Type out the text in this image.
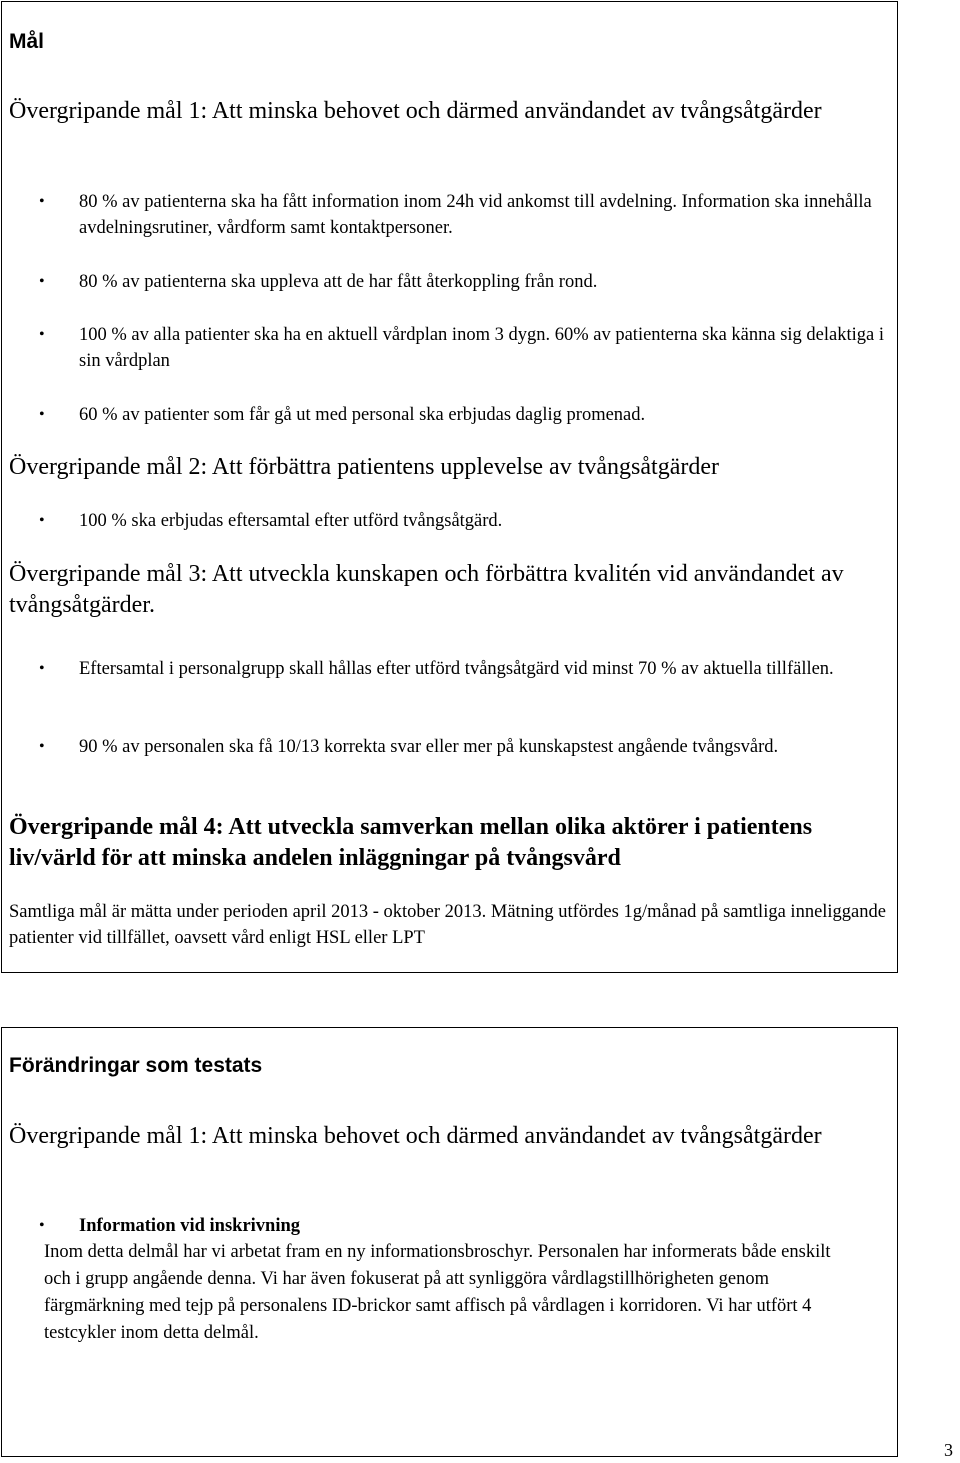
Mål
Övergripande mål 1: Att minska behovet och därmed användandet av tvångsåtgärder
• 80 % av patienterna ska ha fått information inom 24h vid ankomst till avdelning. Information ska innehålla avdelningsrutiner, vårdform samt kontaktpersoner.
• 80 % av patienterna ska uppleva att de har fått återkoppling från rond.
• 100 % av alla patienter ska ha en aktuell vårdplan inom 3 dygn. 60% av patienterna ska känna sig delaktiga i sin vårdplan
• 60 % av patienter som får gå ut med personal ska erbjudas daglig promenad.
Övergripande mål 2: Att förbättra patientens upplevelse av tvångsåtgärder
• 100 % ska erbjudas eftersamtal efter utförd tvångsåtgärd.
Övergripande mål 3: Att utveckla kunskapen och förbättra kvalitén vid användandet av tvångsåtgärder.
• Eftersamtal i personalgrupp skall hållas efter utförd tvångsåtgärd vid minst 70 % av aktuella tillfällen.
• 90 % av personalen ska få 10/13 korrekta svar eller mer på kunskapstest angående tvångsvård.
Övergripande mål 4: Att utveckla samverkan mellan olika aktörer i patientens liv/värld för att minska andelen inläggningar på tvångsvård
Samtliga mål är mätta under perioden april 2013 - oktober 2013. Mätning utfördes 1g/månad på samtliga inneliggande patienter vid tillfället, oavsett vård enligt HSL eller LPT
Förändringar som testats
Övergripande mål 1: Att minska behovet och därmed användandet av tvångsåtgärder
• Information vid inskrivning
Inom detta delmål har vi arbetat fram en ny informationsbroschyr. Personalen har informerats både enskilt och i grupp angående denna. Vi har även fokuserat på att synliggöra vårdlagstillhörigheten genom färgmärkning med tejp på personalens ID-brickor samt affisch på vårdlagen i korridoren. Vi har utfört 4 testcykler inom detta delmål.
3
